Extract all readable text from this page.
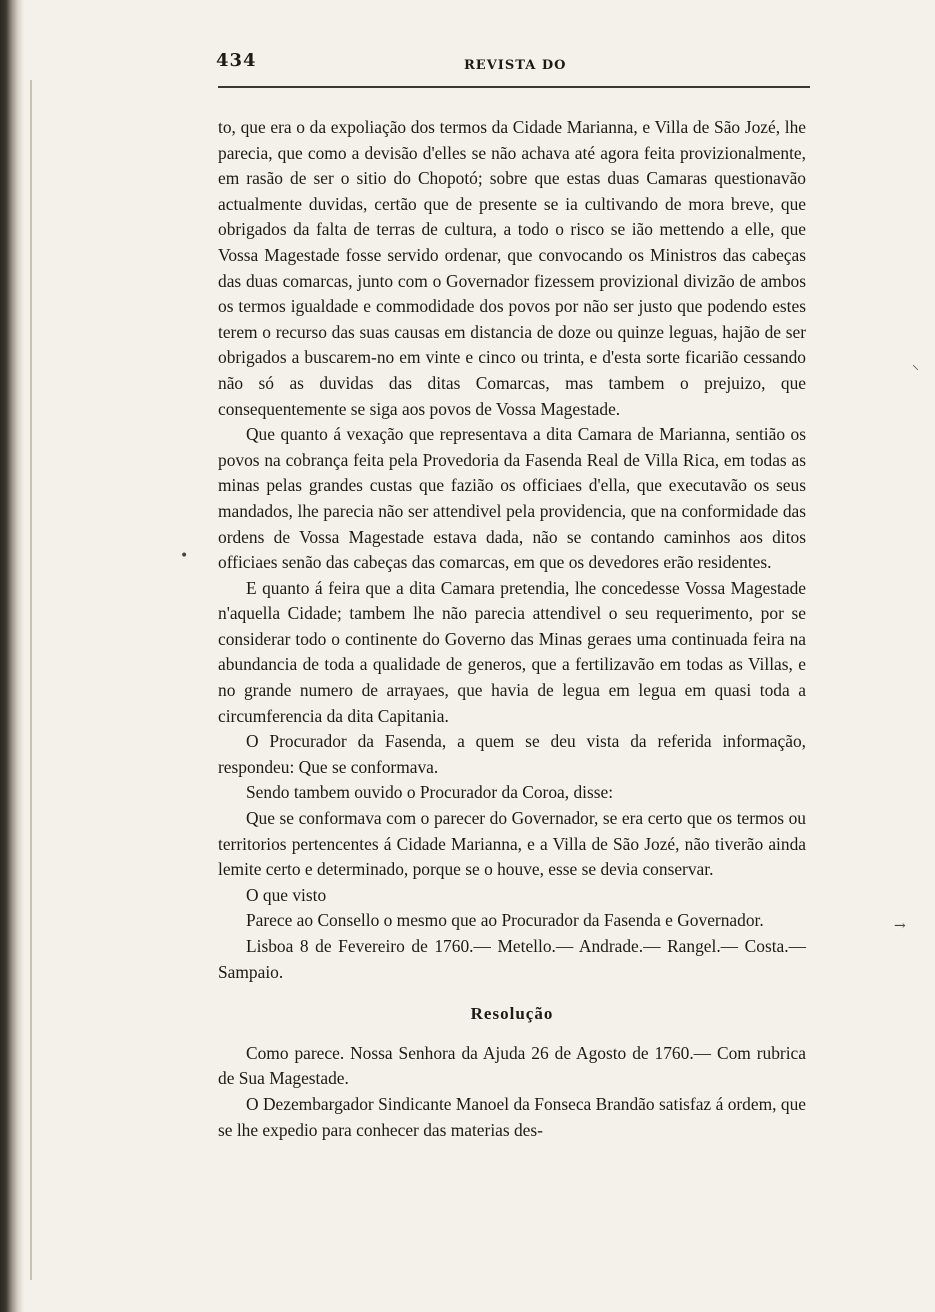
434	REVISTA DO

to, que era o da expoliação dos termos da Cidade Marianna, e Villa de São Jozé, lhe parecia, que como a devisão d'elles se não achava até agora feita provizionalmente, em rasão de ser o sitio do Chopotó; sobre que estas duas Camaras questionavão actualmente duvidas, certão que de presente se ia cultivando de mora breve, que obrigados da falta de terras de cultura, a todo o risco se ião mettendo a elle, que Vossa Magestade fosse servido ordenar, que convocando os Ministros das cabeças das duas comarcas, junto com o Governador fizessem provizional divizão de ambos os termos igualdade e commodidade dos povos por não ser justo que podendo estes terem o recurso das suas causas em distancia de doze ou quinze leguas, hajão de ser obrigados a buscarem-no em vinte e cinco ou trinta, e d'esta sorte ficarião cessando não só as duvidas das ditas Comarcas, mas tambem o prejuizo, que consequentemente se siga aos povos de Vossa Magestade.

Que quanto á vexação que representava a dita Camara de Marianna, sentião os povos na cobrança feita pela Provedoria da Fasenda Real de Villa Rica, em todas as minas pelas grandes custas que fazião os officiaes d'ella, que executavão os seus mandados, lhe parecia não ser attendivel pela providencia, que na conformidade das ordens de Vossa Magestade estava dada, não se contando caminhos aos ditos officiaes senão das cabeças das comarcas, em que os devedores erão residentes.

E quanto á feira que a dita Camara pretendia, lhe concedesse Vossa Magestade n'aquella Cidade; tambem lhe não parecia attendivel o seu requerimento, por se considerar todo o continente do Governo das Minas geraes uma continuada feira na abundancia de toda a qualidade de generos, que a fertilizavão em todas as Villas, e no grande numero de arrayaes, que havia de legua em legua em quasi toda a circumferencia da dita Capitania.

O Procurador da Fasenda, a quem se deu vista da referida informação, respondeu: Que se conformava.

Sendo tambem ouvido o Procurador da Coroa, disse:

Que se conformava com o parecer do Governador, se era certo que os termos ou territorios pertencentes á Cidade Marianna, e a Villa de São Jozé, não tiverão ainda lemite certo e determinado, porque se o houve, esse se devia conservar.

O que visto

Parece ao Consello o mesmo que ao Procurador da Fasenda e Governador.

Lisboa 8 de Fevereiro de 1760.— Metello.— Andrade.— Rangel.— Costa.— Sampaio.

Resolução

Como parece. Nossa Senhora da Ajuda 26 de Agosto de 1760.— Com rubrica de Sua Magestade.

O Dezembargador Sindicante Manoel da Fonseca Brandão satisfaz á ordem, que se lhe expedio para conhecer das materias des-

⸜
•
→
